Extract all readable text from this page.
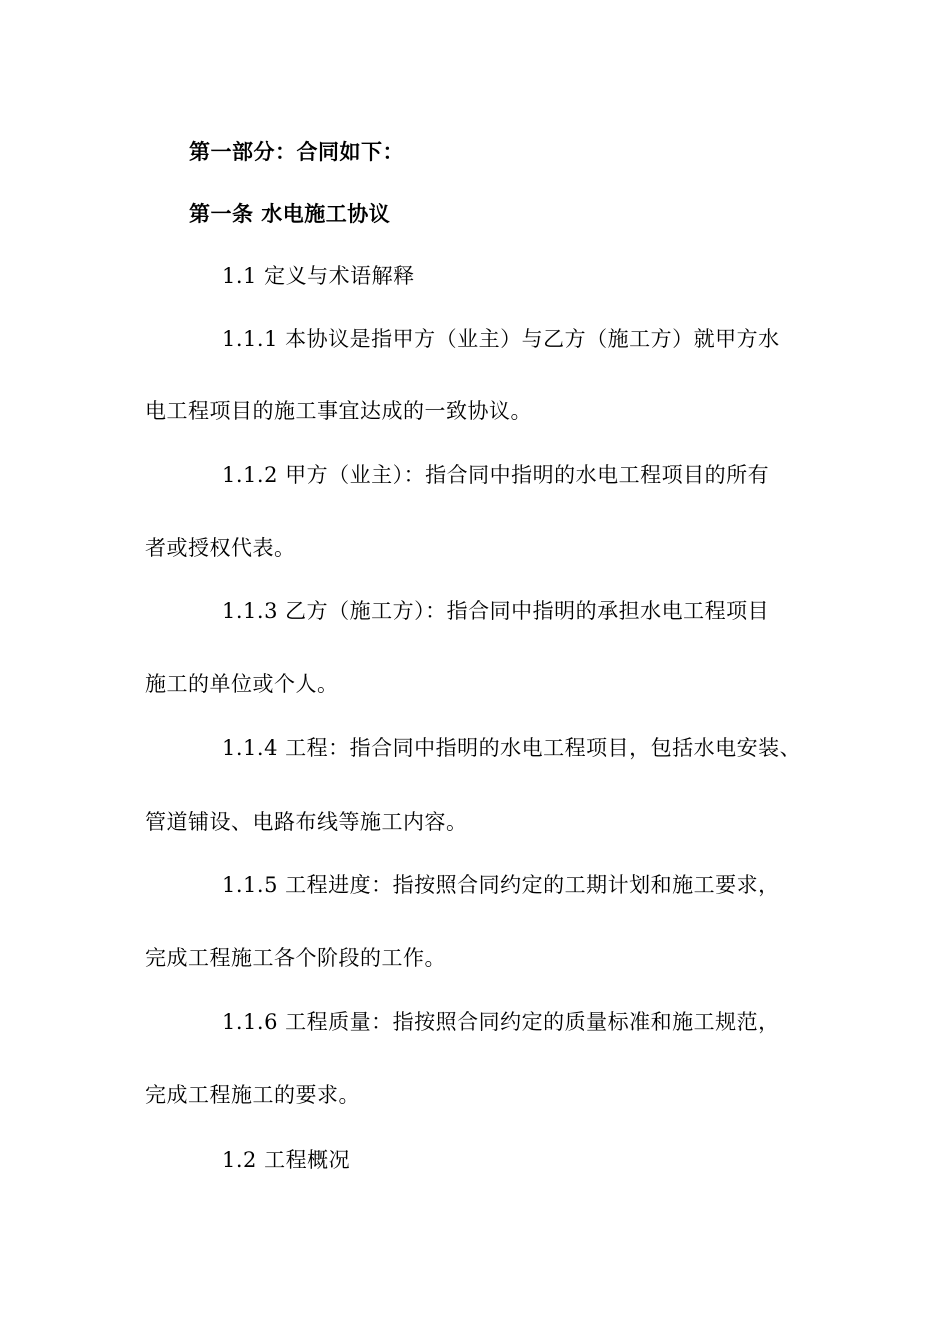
第一部分：合同如下：
第一条 水电施工协议
1.1 定义与术语解释
1.1.1 本协议是指甲方（业主）与乙方（施工方）就甲方水
电工程项目的施工事宜达成的一致协议。
1.1.2 甲方（业主）：指合同中指明的水电工程项目的所有
者或授权代表。
1.1.3 乙方（施工方）：指合同中指明的承担水电工程项目
施工的单位或个人。
1.1.4 工程：指合同中指明的水电工程项目，包括水电安装、
管道铺设、电路布线等施工内容。
1.1.5 工程进度：指按照合同约定的工期计划和施工要求，
完成工程施工各个阶段的工作。
1.1.6 工程质量：指按照合同约定的质量标准和施工规范，
完成工程施工的要求。
1.2 工程概况
